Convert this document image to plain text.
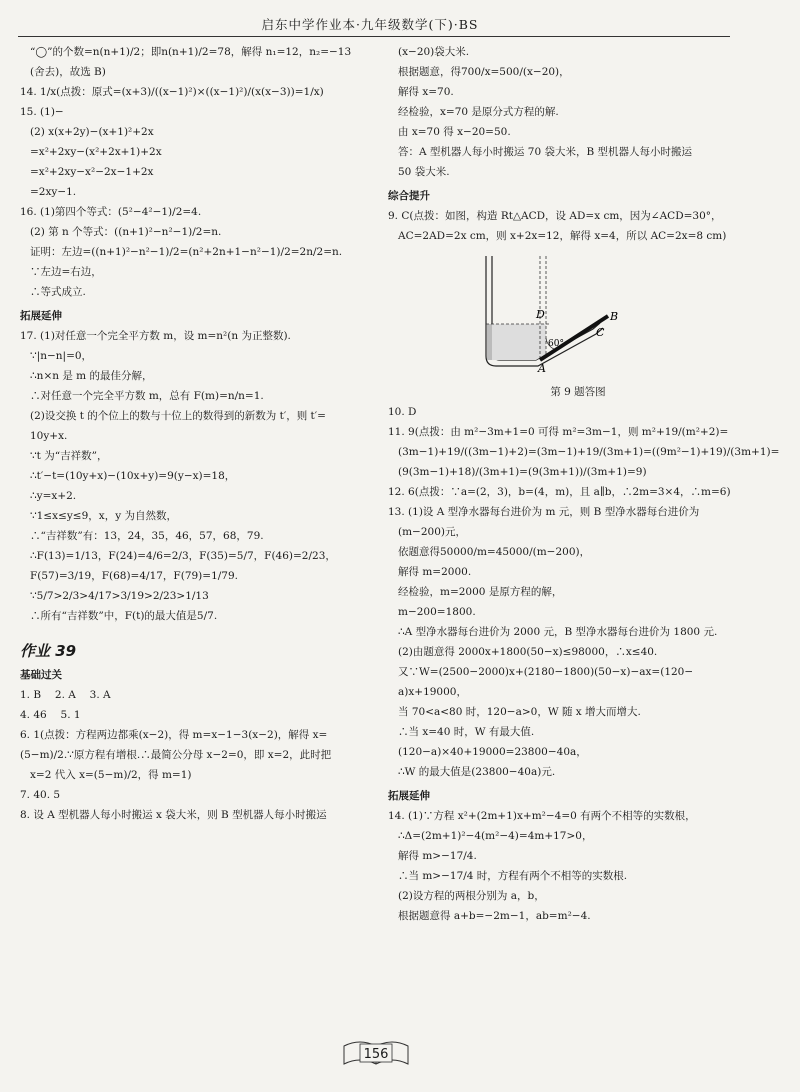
启东中学作业本·九年级数学(下)·BS
“◯”的个数=n(n+1)/2；即n(n+1)/2=78，解得 n₁=12，n₂=−13
(舍去)，故选 B)
14. 1/x(点拨：原式=(x+3)/((x−1)²)×((x−1)²)/(x(x−3))=1/x)
15. (1)−
(2) x(x+2y)−(x+1)²+2x
=x²+2xy−(x²+2x+1)+2x
=x²+2xy−x²−2x−1+2x
=2xy−1.
16. (1)第四个等式：(5²−4²−1)/2=4.
(2) 第 n 个等式：((n+1)²−n²−1)/2=n.
证明：左边=((n+1)²−n²−1)/2=(n²+2n+1−n²−1)/2=2n/2=n.
∵左边=右边，
∴等式成立.
拓展延伸
17. (1)对任意一个完全平方数 m，设 m=n²(n 为正整数).
∵|n−n|=0，
∴n×n 是 m 的最佳分解，
∴对任意一个完全平方数 m，总有 F(m)=n/n=1.
(2)设交换 t 的个位上的数与十位上的数得到的新数为 t′，则 t′=
10y+x.
∵t 为“吉祥数”，
∴t′−t=(10y+x)−(10x+y)=9(y−x)=18，
∴y=x+2.
∵1≤x≤y≤9，x，y 为自然数，
∴“吉祥数”有：13，24，35，46，57，68，79.
∴F(13)=1/13，F(24)=4/6=2/3，F(35)=5/7，F(46)=2/23，
F(57)=3/19，F(68)=4/17，F(79)=1/79.
∵5/7>2/3>4/17>3/19>2/23>1/13
∴所有“吉祥数”中，F(t)的最大值是5/7.
作业 39
基础过关
1. B　 2. A　 3. A
4. 46　 5. 1
6. 1(点拨：方程两边都乘(x−2)，得 m=x−1−3(x−2)，解得 x=
(5−m)/2.∵原方程有增根.∴最简公分母 x−2=0，即 x=2，此时把
x=2 代入 x=(5−m)/2，得 m=1)
7. 40. 5
8. 设 A 型机器人每小时搬运 x 袋大米，则 B 型机器人每小时搬运
(x−20)袋大米.
根据题意，得700/x=500/(x−20)，
解得 x=70.
经检验，x=70 是原分式方程的解.
由 x=70 得 x−20=50.
答：A 型机器人每小时搬运 70 袋大米，B 型机器人每小时搬运
50 袋大米.
综合提升
9. C(点拨：如图，构造 Rt△ACD，设 AD=x cm，因为∠ACD=30°，
AC=2AD=2x cm，则 x+2x=12，解得 x=4，所以 AC=2x=8 cm)
D	B
C
A
60°
第 9 题答图
10. D
11. 9(点拨：由 m²−3m+1=0 可得 m²=3m−1，则 m²+19/(m²+2)=
(3m−1)+19/((3m−1)+2)=(3m−1)+19/(3m+1)=((9m²−1)+19)/(3m+1)=
(9(3m−1)+18)/(3m+1)=(9(3m+1))/(3m+1)=9)
12. 6(点拨：∵a=(2，3)，b=(4，m)，且 a∥b，∴2m=3×4，∴m=6)
13. (1)设 A 型净水器每台进价为 m 元，则 B 型净水器每台进价为
(m−200)元，
依题意得50000/m=45000/(m−200)，
解得 m=2000.
经检验，m=2000 是原方程的解，
m−200=1800.
∴A 型净水器每台进价为 2000 元，B 型净水器每台进价为 1800 元.
(2)由题意得 2000x+1800(50−x)≤98000，∴x≤40.
又∵W=(2500−2000)x+(2180−1800)(50−x)−ax=(120−
a)x+19000，
当 70<a<80 时，120−a>0，W 随 x 增大而增大.
∴当 x=40 时，W 有最大值.
(120−a)×40+19000=23800−40a，
∴W 的最大值是(23800−40a)元.
拓展延伸
14. (1)∵方程 x²+(2m+1)x+m²−4=0 有两个不相等的实数根，
∴Δ=(2m+1)²−4(m²−4)=4m+17>0，
解得 m>−17/4.
∴当 m>−17/4 时，方程有两个不相等的实数根.
(2)设方程的两根分别为 a，b，
根据题意得 a+b=−2m−1，ab=m²−4.
156
